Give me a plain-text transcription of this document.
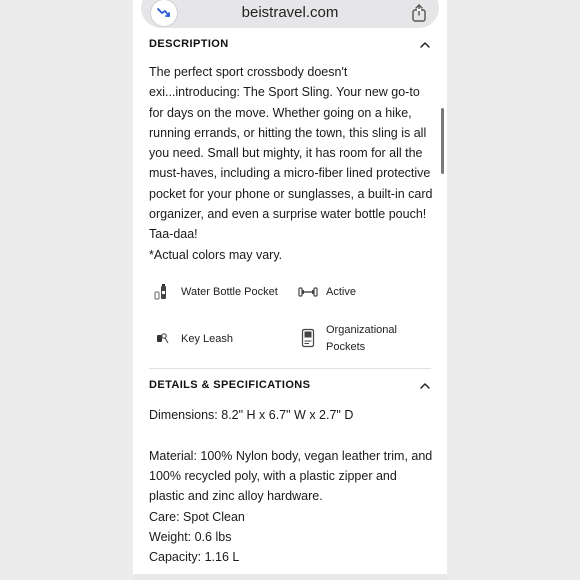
beistravel.com
DESCRIPTION

The perfect sport crossbody doesn't

exi...introducing: The Sport Sling. Your new go-to

for days on the move. Whether going on a hike,

running errands, or hitting the town, this sling is all

you need. Small but mighty, it has room for all the

must-haves, including a micro-fiber lined protective

pocket for your phone or sunglasses, a built-in card

organizer, and even a surprise water bottle pouch!

Taa-daa!

*Actual colors may vary.

Water Bottle Pocket	Active
Key Leash
Organizational
Pockets
DETAILS & SPECIFICATIONS

Dimensions: 8.2" H x 6.7" W x 2.7" D

Material: 100% Nylon body, vegan leather trim, and

100% recycled poly, with a plastic zipper and

plastic and zinc alloy hardware.

Care: Spot Clean

Weight: 0.6 lbs

Capacity: 1.16 L
